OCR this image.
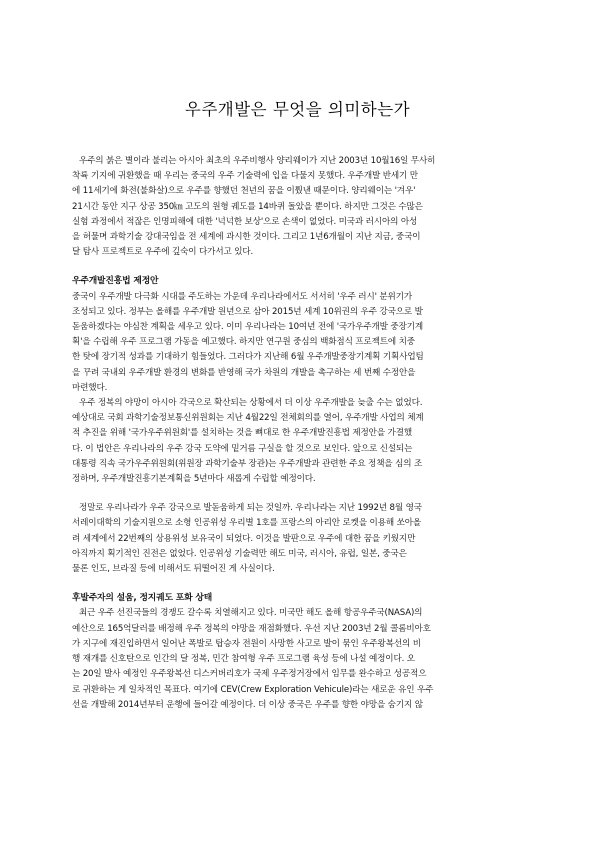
우주개발은 무엇을 의미하는가
우주의 붉은 별이라 불리는 아시아 최초의 우주비행사 양리웨이가 지난 2003년 10월16일 무사히
착륙 기지에 귀환했을 때 우리는 중국의 우주 기술력에 입을 다물지 못했다. 우주개발 반세기 만
에 11세기에 화전(불화살)으로 우주를 향했던 천년의 꿈을 이뤘낸 때문이다. 양리웨이는 '겨우'
21시간 동안 지구 상공 350㎞ 고도의 원형 궤도를 14바퀴 돌았을 뿐이다. 하지만 그것은 수많은
실험 과정에서 적잖은 인명피해에 대한 '넉넉한 보상'으로 손색이 없었다. 미국과 러시아의 아성
을 허물며 과학기술 강대국임을 전 세계에 과시한 것이다. 그리고 1년6개월이 지난 지금, 중국이
달 탐사 프로젝트로 우주에 깊숙이 다가서고 있다.
우주개발진흥법 제정안
중국이 우주개발 다극화 시대를 주도하는 가운데 우리나라에서도 서서히 '우주 러시' 분위기가
조성되고 있다. 정부는 올해를 우주개발 원년으로 삼아 2015년 세계 10위권의 우주 강국으로 발
돋움하겠다는 야심찬 계획을 세우고 있다. 이미 우리나라는 10여년 전에 '국가우주개발 중장기계
획'을 수립해 우주 프로그램 가동을 예고했다. 하지만 연구원 중심의 백화점식 프로젝트에 치중
한 탓에 장기적 성과를 기대하기 힘들었다. 그러다가 지난해 6월 우주개발중장기계획 기획사업팀
을 꾸려 국내외 우주개발 환경의 변화를 반영해 국가 차원의 개발을 촉구하는 세 번째 수정안을
마련했다.
우주 정복의 야망이 아시아 각국으로 확산되는 상황에서 더 이상 우주개발을 늦출 수는 없었다.
예상대로 국회 과학기술정보통신위원회는 지난 4월22일 전체회의를 열어, 우주개발 사업의 체계
적 추진을 위해 '국가우주위원회'를 설치하는 것을 뼈대로 한 우주개발진흥법 제정안을 가결했
다. 이 법안은 우리나라의 우주 강국 도약에 밑거름 구실을 할 것으로 보인다. 앞으로 신설되는
대통령 직속 국가우주위원회(위원장 과학기술부 장관)는 우주개발과 관련한 주요 정책을 심의 조
정하며, 우주개발진흥기본계획을 5년마다 새롭게 수립할 예정이다.
정말로 우리나라가 우주 강국으로 발돋움하게 되는 것일까. 우리나라는 지난 1992년 8월 영국
서레이대학의 기술지원으로 소형 인공위성 우리별 1호를 프랑스의 아리안 로켓을 이용해 쏘아올
려 세계에서 22번째의 상용위성 보유국이 되었다. 이것을 발판으로 우주에 대한 꿈을 키웠지만
아직까지 획기적인 진전은 없었다. 인공위성 기술력만 해도 미국, 러시아, 유럽, 일본, 중국은
물론 인도, 브라질 등에 비해서도 뒤떨어진 게 사실이다.
후발주자의 설움, 정지궤도 포화 상태
최근 우주 선진국들의 경쟁도 갈수록 치열해지고 있다. 미국만 해도 올해 항공우주국(NASA)의
예산으로 165억달러를 배정해 우주 정복의 야망을 재점화했다. 우선 지난 2003년 2월 콜롬비아호
가 지구에 재진입하면서 일어난 폭발로 탑승자 전원이 사망한 사고로 발이 묶인 우주왕복선의 비
행 재개를 신호탄으로 인간의 달 정복, 민간 참여형 우주 프로그램 육성 등에 나설 예정이다. 오
는 20일 발사 예정인 우주왕복선 디스커버리호가 국제 우주정거장에서 임무를 완수하고 성공적으
로 귀환하는 게 일차적인 목표다. 여기에 CEV(Crew Exploration Vehicule)라는 새로운 유인 우주
선을 개발해 2014년부터 운행에 들어갈 예정이다. 더 이상 중국은 우주를 향한 야망을 숨기지 않
